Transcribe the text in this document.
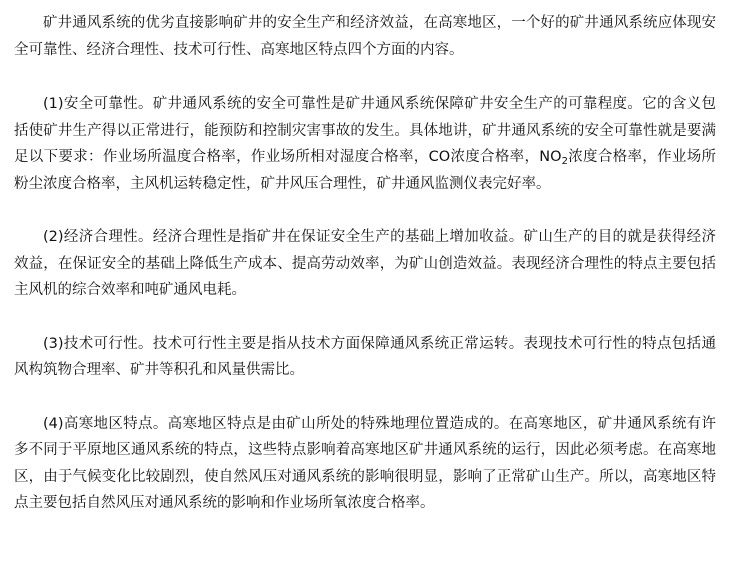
矿井通风系统的优劣直接影响矿井的安全生产和经济效益，在高寒地区，一个好的矿井通风系统应体现安全可靠性、经济合理性、技术可行性、高寒地区特点四个方面的内容。

(1)安全可靠性。矿井通风系统的安全可靠性是矿井通风系统保障矿井安全生产的可靠程度。它的含义包括使矿井生产得以正常进行，能预防和控制灾害事故的发生。具体地讲，矿井通风系统的安全可靠性就是要满足以下要求：作业场所温度合格率，作业场所相对湿度合格率，CO浓度合格率，$NO_2$浓度合格率，作业场所粉尘浓度合格率，主风机运转稳定性，矿井风压合理性，矿井通风监测仪表完好率。

(2)经济合理性。经济合理性是指矿井在保证安全生产的基础上增加收益。矿山生产的目的就是获得经济效益，在保证安全的基础上降低生产成本、提高劳动效率，为矿山创造效益。表现经济合理性的特点主要包括主风机的综合效率和吨矿通风电耗。

(3)技术可行性。技术可行性主要是指从技术方面保障通风系统正常运转。表现技术可行性的特点包括通风构筑物合理率、矿井等积孔和风量供需比。

(4)高寒地区特点。高寒地区特点是由矿山所处的特殊地理位置造成的。在高寒地区，矿井通风系统有许多不同于平原地区通风系统的特点，这些特点影响着高寒地区矿井通风系统的运行，因此必须考虑。在高寒地区，由于气候变化比较剧烈，使自然风压对通风系统的影响很明显，影响了正常矿山生产。所以，高寒地区特点主要包括自然风压对通风系统的影响和作业场所氧浓度合格率。
